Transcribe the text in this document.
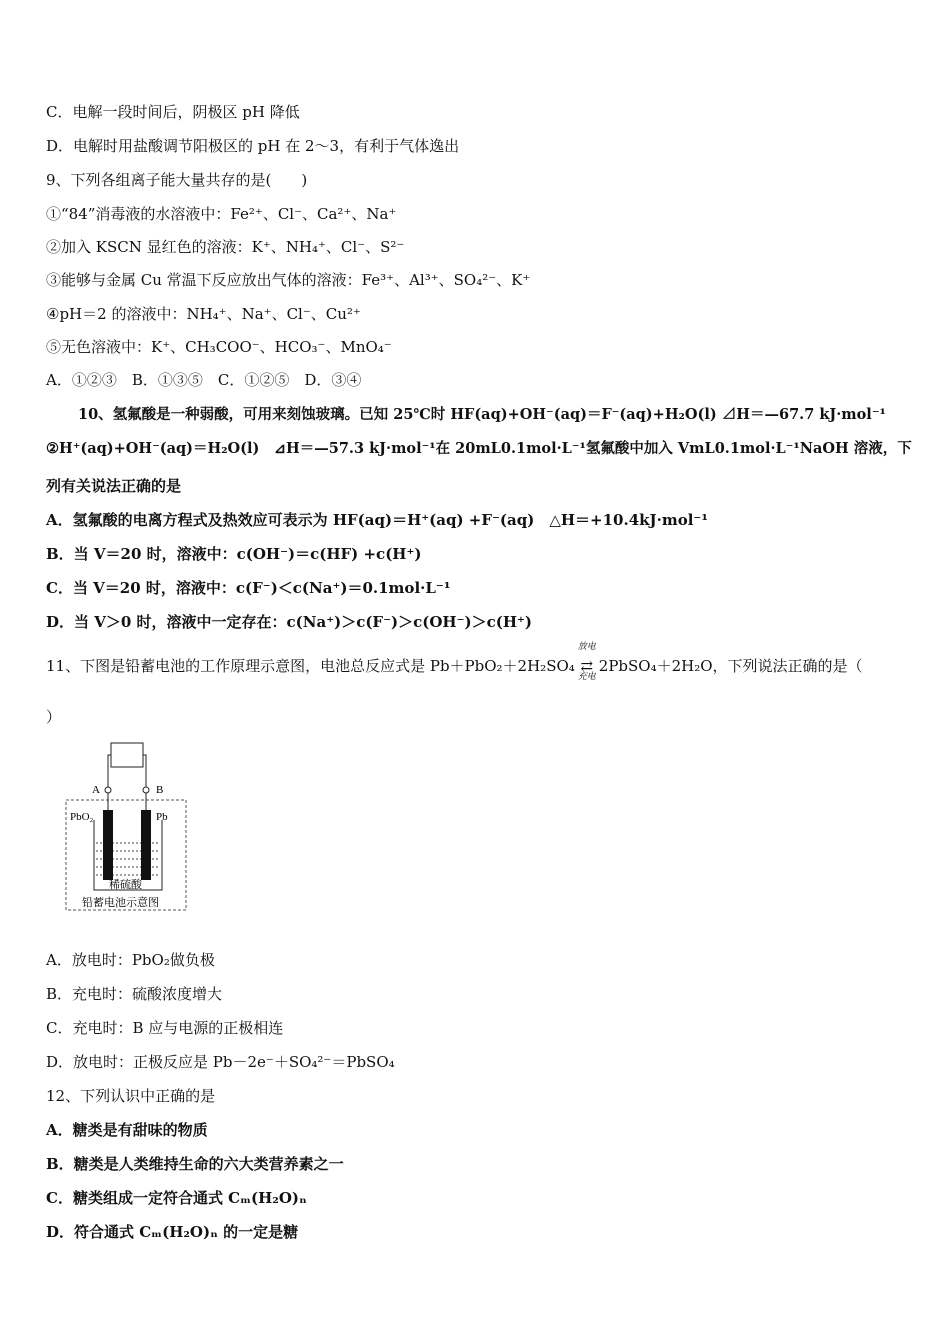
C．电解一段时间后，阴极区 pH 降低
D．电解时用盐酸调节阳极区的 pH 在 2～3，有利于气体逸出
9、下列各组离子能大量共存的是(　　)
①“84”消毒液的水溶液中：Fe²⁺、Cl⁻、Ca²⁺、Na⁺
②加入 KSCN 显红色的溶液：K⁺、NH₄⁺、Cl⁻、S²⁻
③能够与金属 Cu 常温下反应放出气体的溶液：Fe³⁺、Al³⁺、SO₄²⁻、K⁺
④pH＝2 的溶液中：NH₄⁺、Na⁺、Cl⁻、Cu²⁺
⑤无色溶液中：K⁺、CH₃COO⁻、HCO₃⁻、MnO₄⁻
A．①②③　B．①③⑤　C．①②⑤　D．③④
10、氢氟酸是一种弱酸，可用来刻蚀玻璃。已知 25℃时 HF(aq)+OH⁻(aq)＝F⁻(aq)+H₂O(l) ⊿H＝—67.7 kJ·mol⁻¹
②H⁺(aq)+OH⁻(aq)＝H₂O(l)　⊿H＝—57.3 kJ·mol⁻¹在 20mL0.1mol·L⁻¹氢氟酸中加入 VmL0.1mol·L⁻¹NaOH 溶液，下
列有关说法正确的是
A．氢氟酸的电离方程式及热效应可表示为 HF(aq)＝H⁺(aq) +F⁻(aq)　△H＝+10.4kJ·mol⁻¹
B．当 V＝20 时，溶液中：c(OH⁻)＝c(HF) +c(H⁺)
C．当 V＝20 时，溶液中：c(F⁻)＜c(Na⁺)＝0.1mol·L⁻¹
D．当 V＞0 时，溶液中一定存在：c(Na⁺)＞c(F⁻)＞c(OH⁻)＞c(H⁺)
11、下图是铅蓄电池的工作原理示意图，电池总反应式是 Pb＋PbO₂＋2H₂SO₄
放电
⇄
充电
2PbSO₄＋2H₂O，下列说法正确的是（
）
A	B
PbO₂	Pb
稀硫酸
铅蓄电池示意图
A．放电时：PbO₂做负极
B．充电时：硫酸浓度增大
C．充电时：B 应与电源的正极相连
D．放电时：正极反应是 Pb－2e⁻＋SO₄²⁻＝PbSO₄
12、下列认识中正确的是
A．糖类是有甜味的物质
B．糖类是人类维持生命的六大类营养素之一
C．糖类组成一定符合通式 Cₘ(H₂O)ₙ
D．符合通式 Cₘ(H₂O)ₙ 的一定是糖
